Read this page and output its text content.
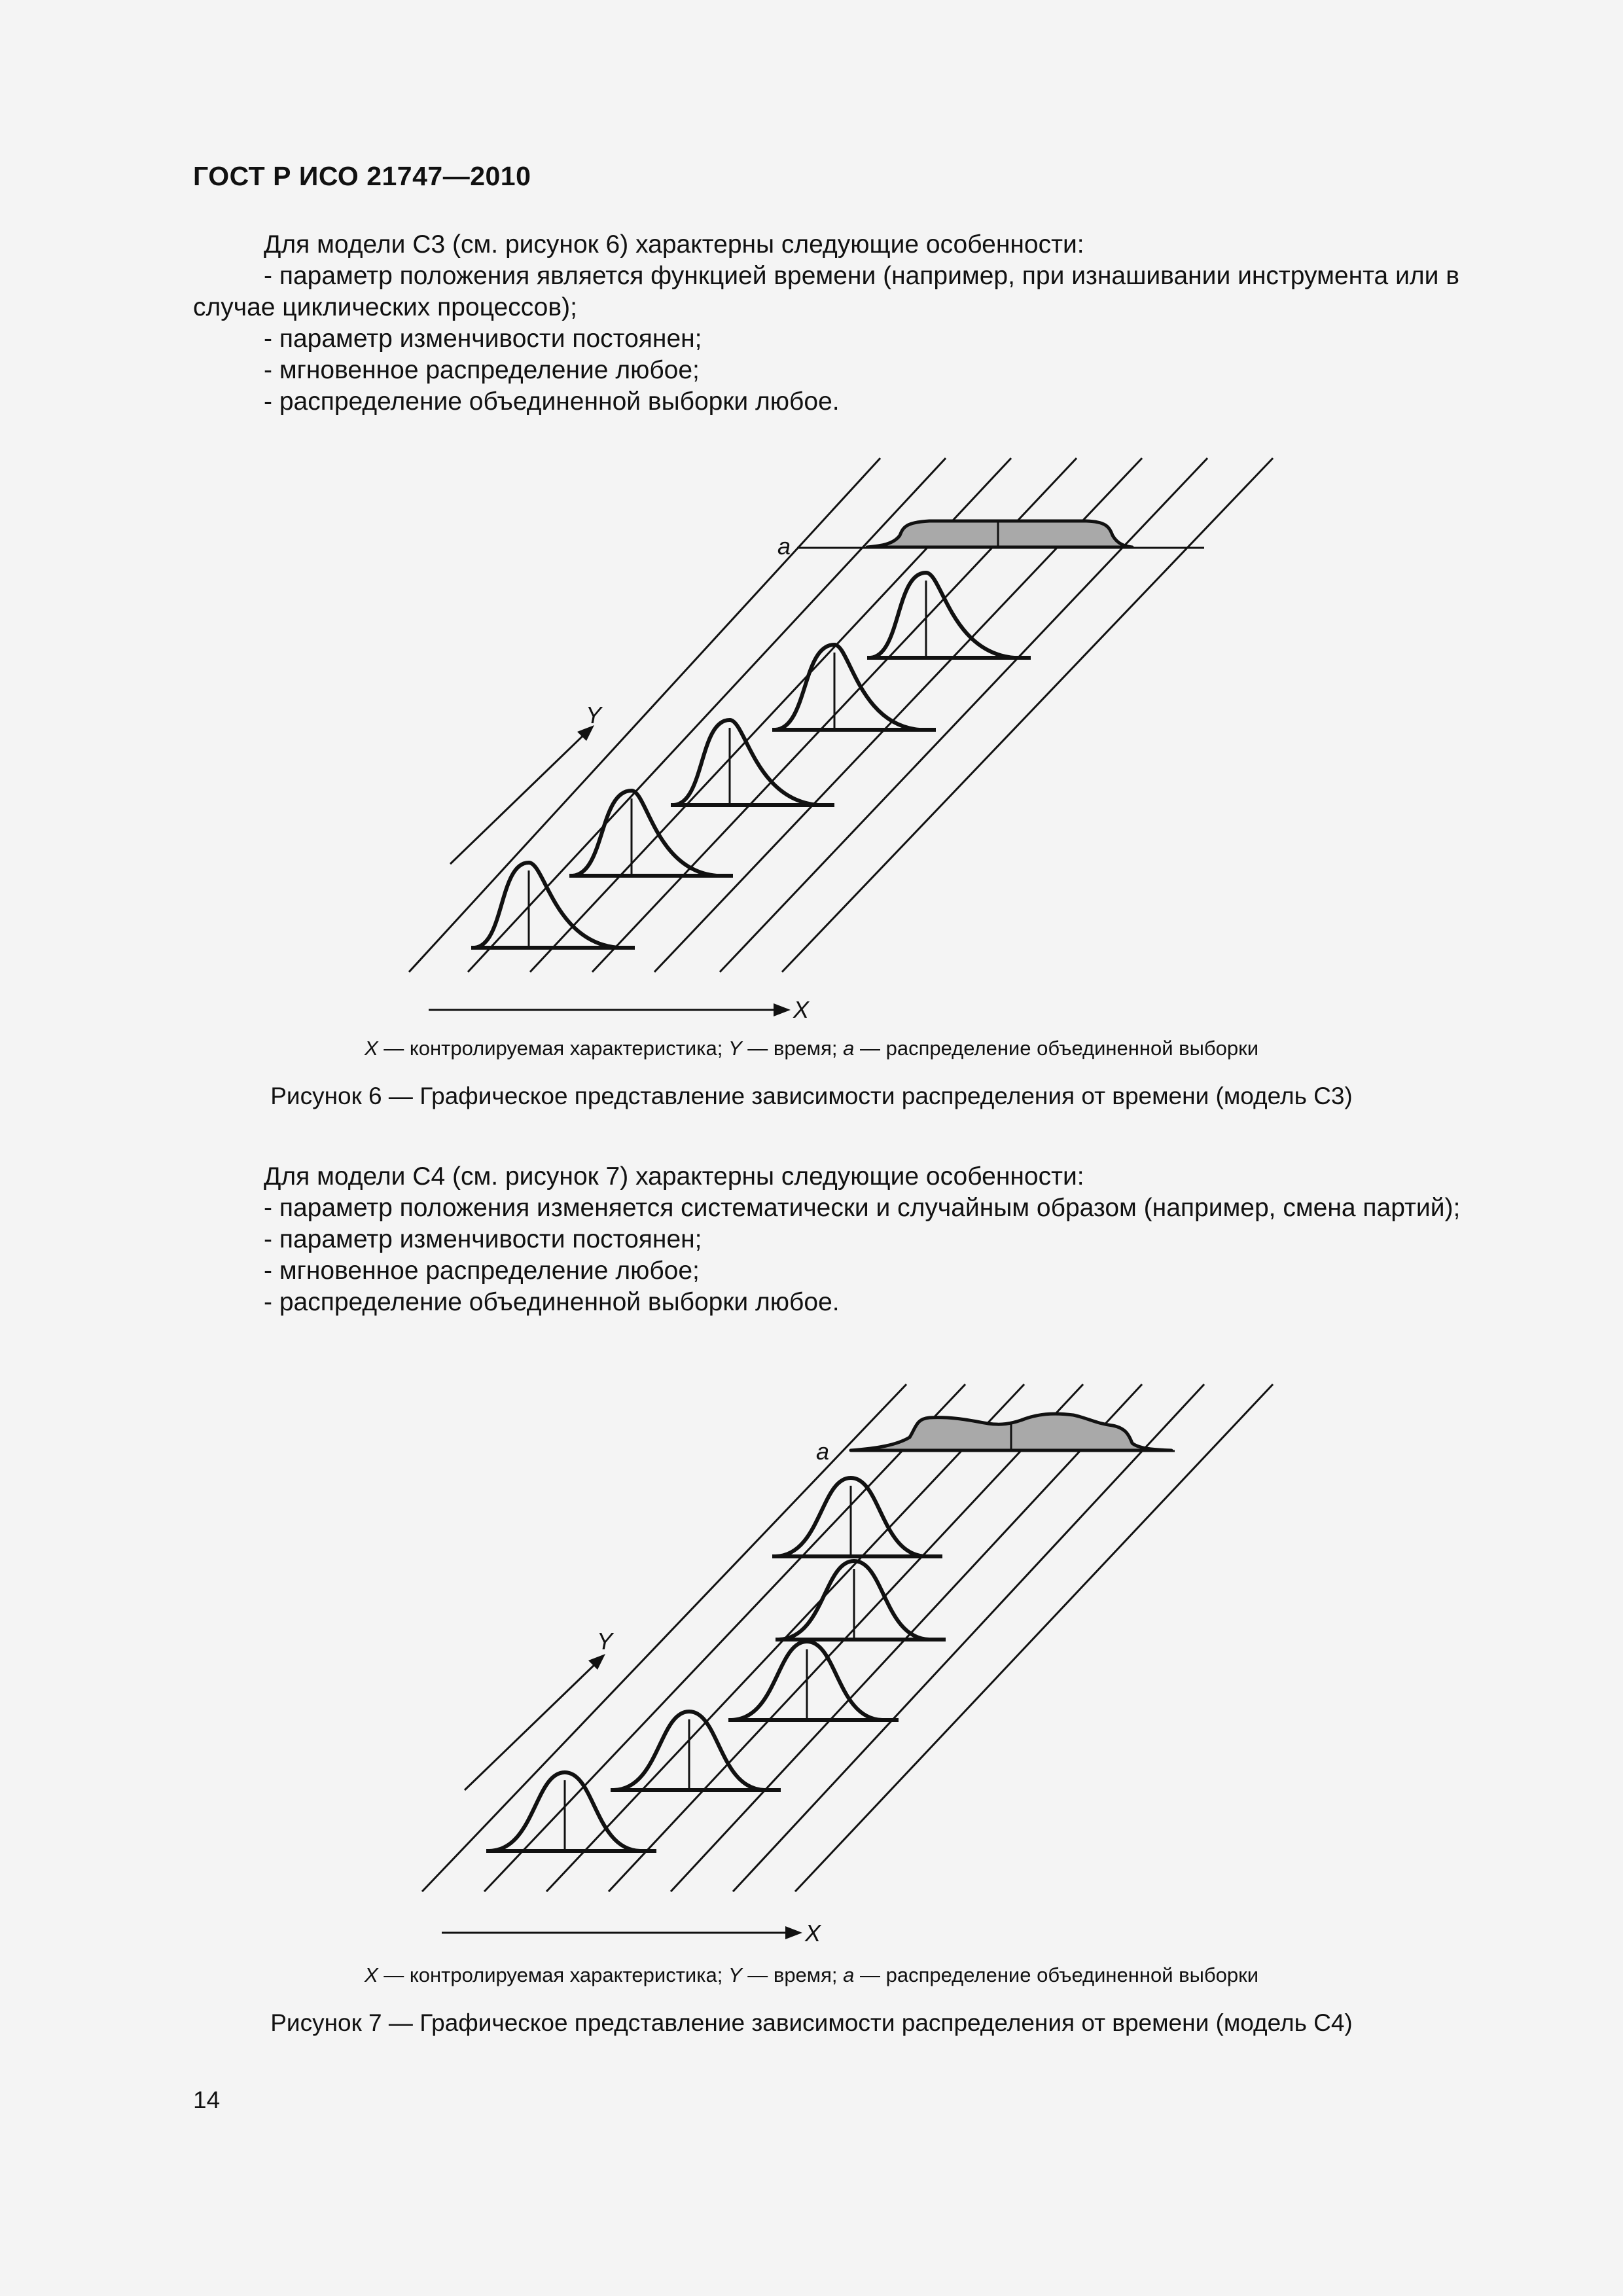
ГОСТ Р ИСО 21747—2010

Для модели С3 (см. рисунок 6) характерны следующие особенности:

- параметр положения является функцией времени (например, при изнашивании инструмента или в случае циклических процессов);

- параметр изменчивости постоянен;

- мгновенное распределение любое;

- распределение объединенной выборки любое.

a
Y
X
X — контролируемая характеристика; Y — время; а — распределение объединенной выборки
Рисунок 6 — Графическое представление зависимости распределения от времени (модель С3)

Для модели С4 (см. рисунок 7) характерны следующие особенности:

- параметр положения изменяется систематически и случайным образом (например, смена партий);

- параметр изменчивости постоянен;

- мгновенное распределение любое;

- распределение объединенной выборки любое.

a
Y
X
X — контролируемая характеристика; Y — время; а — распределение объединенной выборки
Рисунок 7 — Графическое представление зависимости распределения от времени (модель С4)
14
